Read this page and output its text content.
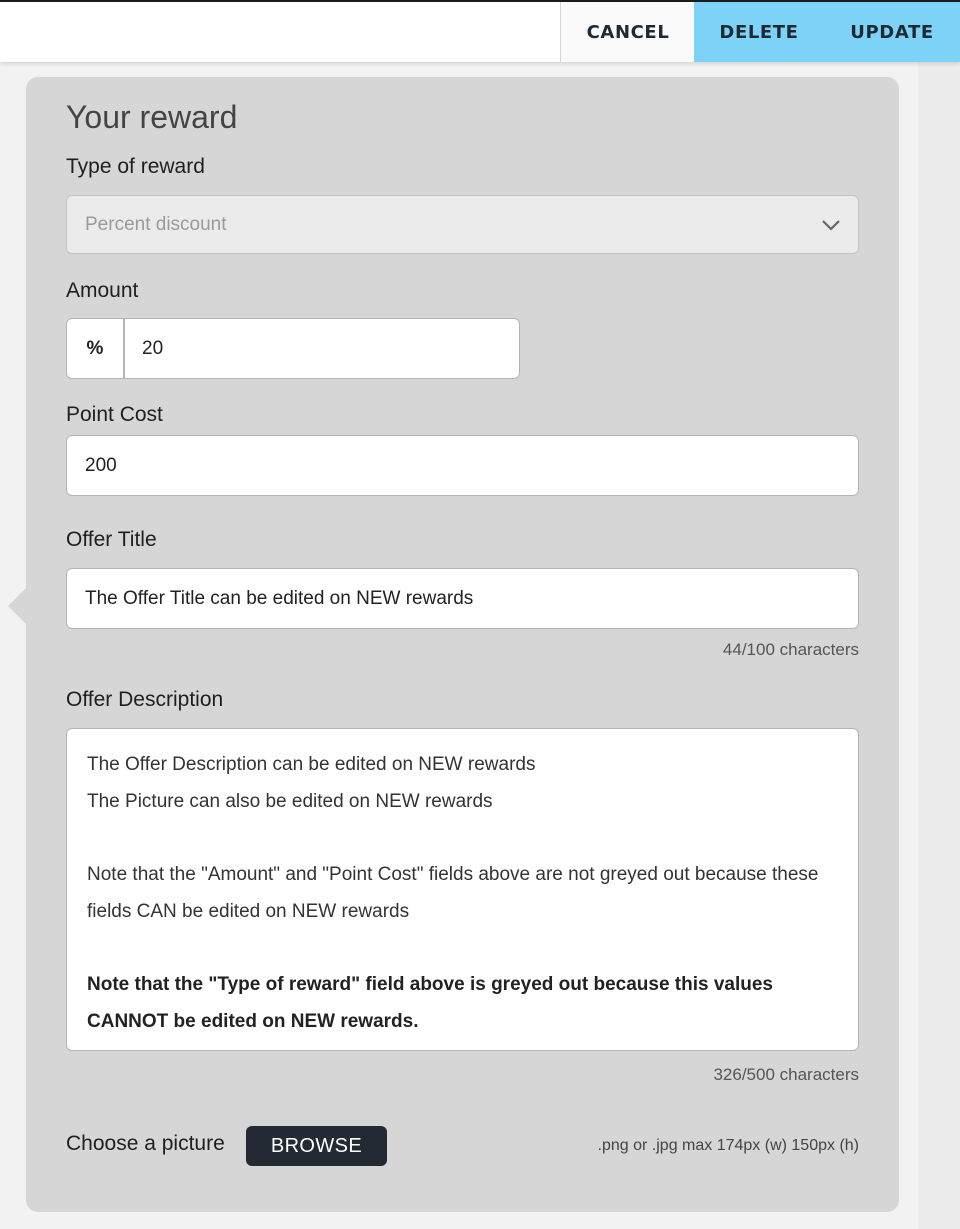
CANCEL	DELETE	UPDATE
Your reward
Type of reward
Percent discount
Amount
%	20
Point Cost
200
Offer Title
The Offer Title can be edited on NEW rewards
44/100 characters
Offer Description

The Offer Description can be edited on NEW rewards

The Picture can also be edited on NEW rewards

Note that the "Amount" and "Point Cost" fields above are not greyed out because these fields CAN be edited on NEW rewards

Note that the "Type of reward" field above is greyed out because this values CANNOT be edited on NEW rewards.

326/500 characters
Choose a picture	BROWSE	.png or .jpg max 174px (w) 150px (h)
